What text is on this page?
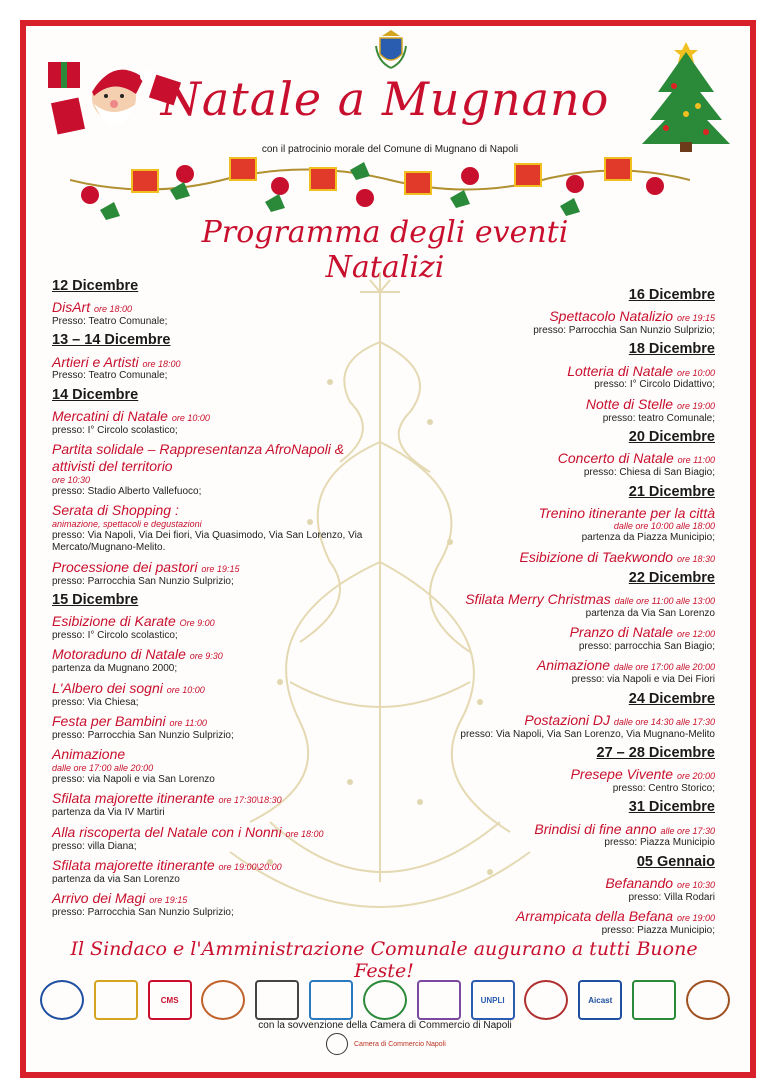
Natale a Mugnano
con il patrocinio morale del Comune di Mugnano di Napoli
Programma degli eventi Natalizi
12 Dicembre
DisArt ore 18:00
Presso: Teatro Comunale;
13 – 14 Dicembre
Artieri e Artisti ore 18:00
Presso: Teatro Comunale;
14 Dicembre
Mercatini di Natale ore 10:00
presso: I° Circolo scolastico;
Partita solidale – Rappresentanza AfroNapoli & attivisti del territorio
ore 10:30
presso: Stadio Alberto Vallefuoco;
Serata di Shopping :
animazione, spettacoli e degustazioni
presso: Via Napoli, Via Dei fiori, Via Quasimodo, Via San Lorenzo, Via Mercato/Mugnano-Melito.
Processione dei pastori ore 19:15
presso: Parrocchia San Nunzio Sulprizio;
15 Dicembre
Esibizione di Karate Ore 9:00
presso: I° Circolo scolastico;
Motoraduno di Natale ore 9:30
partenza da Mugnano 2000;
L'Albero dei sogni ore 10:00
presso: Via Chiesa;
Festa per Bambini ore 11:00
presso: Parrocchia San Nunzio Sulprizio;
Animazione
dalle ore 17:00 alle 20:00
presso: via Napoli e via San Lorenzo
Sfilata majorette itinerante ore 17:30\18:30
partenza da Via IV Martiri
Alla riscoperta del Natale con i Nonni ore 18:00
presso: villa Diana;
Sfilata majorette itinerante ore 19:00\20:00
partenza da via San Lorenzo
Arrivo dei Magi ore 19:15
presso: Parrocchia San Nunzio Sulprizio;
16 Dicembre
Spettacolo Natalizio ore 19:15
presso: Parrocchia San Nunzio Sulprizio;
18 Dicembre
Lotteria di Natale ore 10:00
presso: I° Circolo Didattivo;
Notte di Stelle ore 19:00
presso: teatro Comunale;
20 Dicembre
Concerto di Natale ore 11:00
presso: Chiesa di San Biagio;
21 Dicembre
Trenino itinerante per la città
dalle ore 10:00 alle 18:00
partenza da Piazza Municipio;
Esibizione di Taekwondo ore 18:30
22 Dicembre
Sfilata Merry Christmas dalle ore 11:00 alle 13:00
partenza da Via San Lorenzo
Pranzo di Natale ore 12:00
presso: parrocchia San Biagio;
Animazione dalle ore 17:00 alle 20:00
presso: via Napoli e via Dei Fiori
24 Dicembre
Postazioni DJ dalle ore 14:30 alle 17:30
presso: Via Napoli, Via San Lorenzo, Via Mugnano-Melito
27 – 28 Dicembre
Presepe Vivente ore 20:00
presso: Centro Storico;
31 Dicembre
Brindisi di fine anno alle ore 17:30
presso: Piazza Municipio
05 Gennaio
Befanando ore 10:30
presso: Villa Rodari
Arrampicata della Befana ore 19:00
presso: Piazza Municipio;
Il Sindaco e l'Amministrazione Comunale augurano a tutti Buone Feste!
CMS	UNPLI	Aicast
con la sovvenzione della Camera di Commercio di Napoli
Camera di Commercio Napoli
